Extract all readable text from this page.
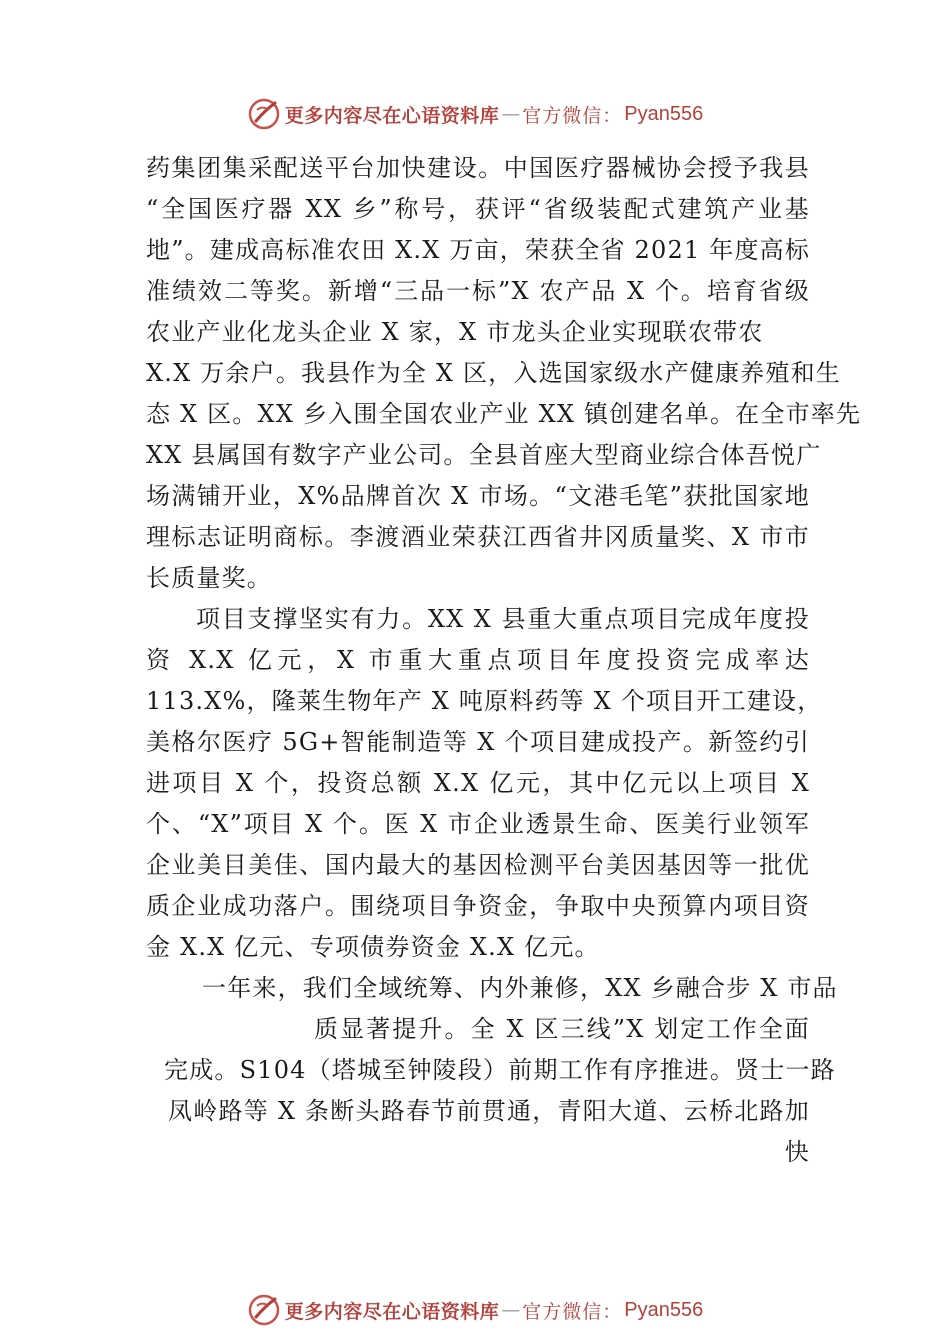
更多内容尽在心语资料库 — 官方微信： Pyan556
药集团集采配送平台加快建设。中国医疗器械协会授予我县
“全国医疗器 XX 乡”称号，获评“省级装配式建筑产业基
地”。建成高标准农田 X.X 万亩，荣获全省 2021 年度高标
准绩效二等奖。新增“三品一标”X 农产品 X 个。培育省级
农业产业化龙头企业 X 家，X 市龙头企业实现联农带农
X.X 万余户。我县作为全 X 区，入选国家级水产健康养殖和生
态 X 区。XX 乡入围全国农业产业 XX 镇创建名单。在全市率先
XX 县属国有数字产业公司。全县首座大型商业综合体吾悦广
场满铺开业，X%品牌首次 X 市场。“文港毛笔”获批国家地
理标志证明商标。李渡酒业荣获江西省井冈质量奖、X 市市
长质量奖。
项目支撑坚实有力。XX X 县重大重点项目完成年度投
资 X.X 亿元，X 市重大重点项目年度投资完成率达
113.X%，隆莱生物年产 X 吨原料药等 X 个项目开工建设，
美格尔医疗 5G+智能制造等 X 个项目建成投产。新签约引
进项目 X 个，投资总额 X.X 亿元，其中亿元以上项目 X
个、“X”项目 X 个。医 X 市企业透景生命、医美行业领军
企业美目美佳、国内最大的基因检测平台美因基因等一批优
质企业成功落户。围绕项目争资金，争取中央预算内项目资
金 X.X 亿元、专项债券资金 X.X 亿元。
一年来，我们全域统筹、内外兼修，XX 乡融合步 X 市品
质显著提升。全 X 区三线”X 划定工作全面
完成。S104（塔城至钟陵段）前期工作有序推进。贤士一路
凤岭路等 X 条断头路春节前贯通，青阳大道、云桥北路加
快
更多内容尽在心语资料库 — 官方微信： Pyan556
